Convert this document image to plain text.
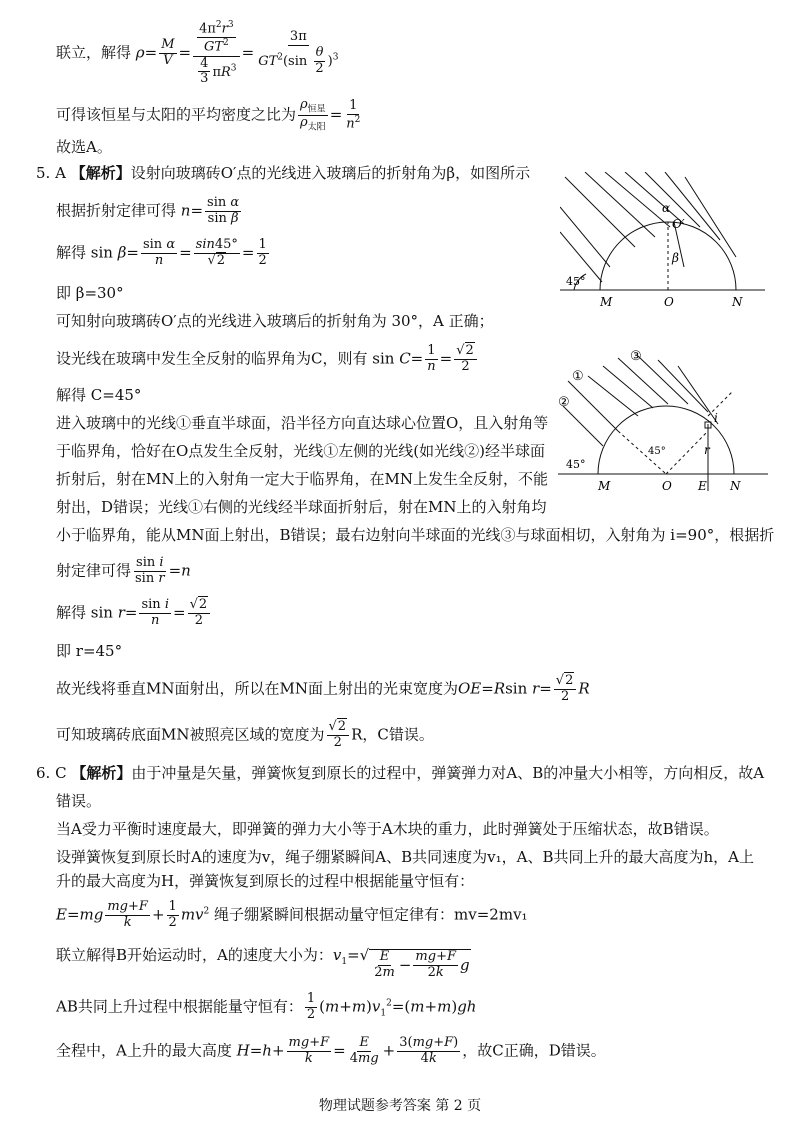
联立，解得 $\rho= \frac{M}{V} = \frac{\frac{4\pi^2r^3}{GT^2}}{\frac{4}{3} \pi R^3} = \frac{3\pi}{GT^2(\sin \frac{\theta}{2} )^3}$
可得该恒星与太阳的平均密度之比为
$\rho_{恒星}$
$\rho_{太阳}$
= $\frac{1}{n^2}$
故选A。
5. A 【解析】设射向玻璃砖O′点的光线进入玻璃后的折射角为β，如图所示
根据折射定律可得 $n= \frac{\text{sin α}}{\text{sin β}}$
解得 $\sin \beta= \frac{\text{sin α}}{n} = \frac{\sin 45^\circ}{√2} = \frac{1}{2}$
即 β=30°
可知射向玻璃砖O′点的光线进入玻璃后的折射角为 30°，A 正确；
设光线在玻璃中发生全反射的临界角为C，则有 $\sin C= \frac{1}{n} = \frac{√2}{2}$
解得 C=45°
进入玻璃中的光线①垂直半球面，沿半径方向直达球心位置O，且入射角等
于临界角，恰好在O点发生全反射，光线①左侧的光线(如光线②)经半球面
折射后，射在MN上的入射角一定大于临界角，在MN上发生全反射，不能
射出，D错误；光线①右侧的光线经半球面折射后，射在MN上的入射角均
小于临界角，能从MN面上射出，B错误；最右边射向半球面的光线③与球面相切，入射角为 i=90°，根据折
射定律可得 $\frac{\text{sin i}}{\text{sin r}} =n$
解得 $\sin r= \frac{\text{sin i}}{n} = \frac{√2}{2}$
即 r=45°
故光线将垂直MN面射出，所以在MN面上射出的光束宽度为OE=Rsin $r= \frac{√2}{2}$ R
可知玻璃砖底面MN被照亮区域的宽度为 $\frac{√2}{2}$ R，C错误。
6. C 【解析】由于冲量是矢量，弹簧恢复到原长的过程中，弹簧弹力对A、B的冲量大小相等，方向相反，故A
错误。
当A受力平衡时速度最大，即弹簧的弹力大小等于A木块的重力，此时弹簧处于压缩状态，故B错误。
设弹簧恢复到原长时A的速度为v，绳子绷紧瞬间A、B共同速度为v₁，A、B共同上升的最大高度为h，A上
升的最大高度为H，弹簧恢复到原长的过程中根据能量守恒有：
$E=mg \frac{mg+F}{k} + \frac{1}{2} mv^2$ 绳子绷紧瞬间根据动量守恒定律有：mv=2mv₁
联立解得B开始运动时，A的速度大小为：$v_1=√$ E
2m − mg+F
2k g
AB共同上升过程中根据能量守恒有： $\frac{1}{2} (m+m)v_1^2=(m+m)gh$
全程中，A上升的最大高度 $H=h+ \frac{mg+F}{k} = \frac{E}{4mg} + \frac{3(mg+F)}{4k}$ ，故C正确，D错误。
45°
α
O′
β
M	O	N
①
②
③
45°
45°
i
r
M	O E N
物理试题参考答案 第 2 页
